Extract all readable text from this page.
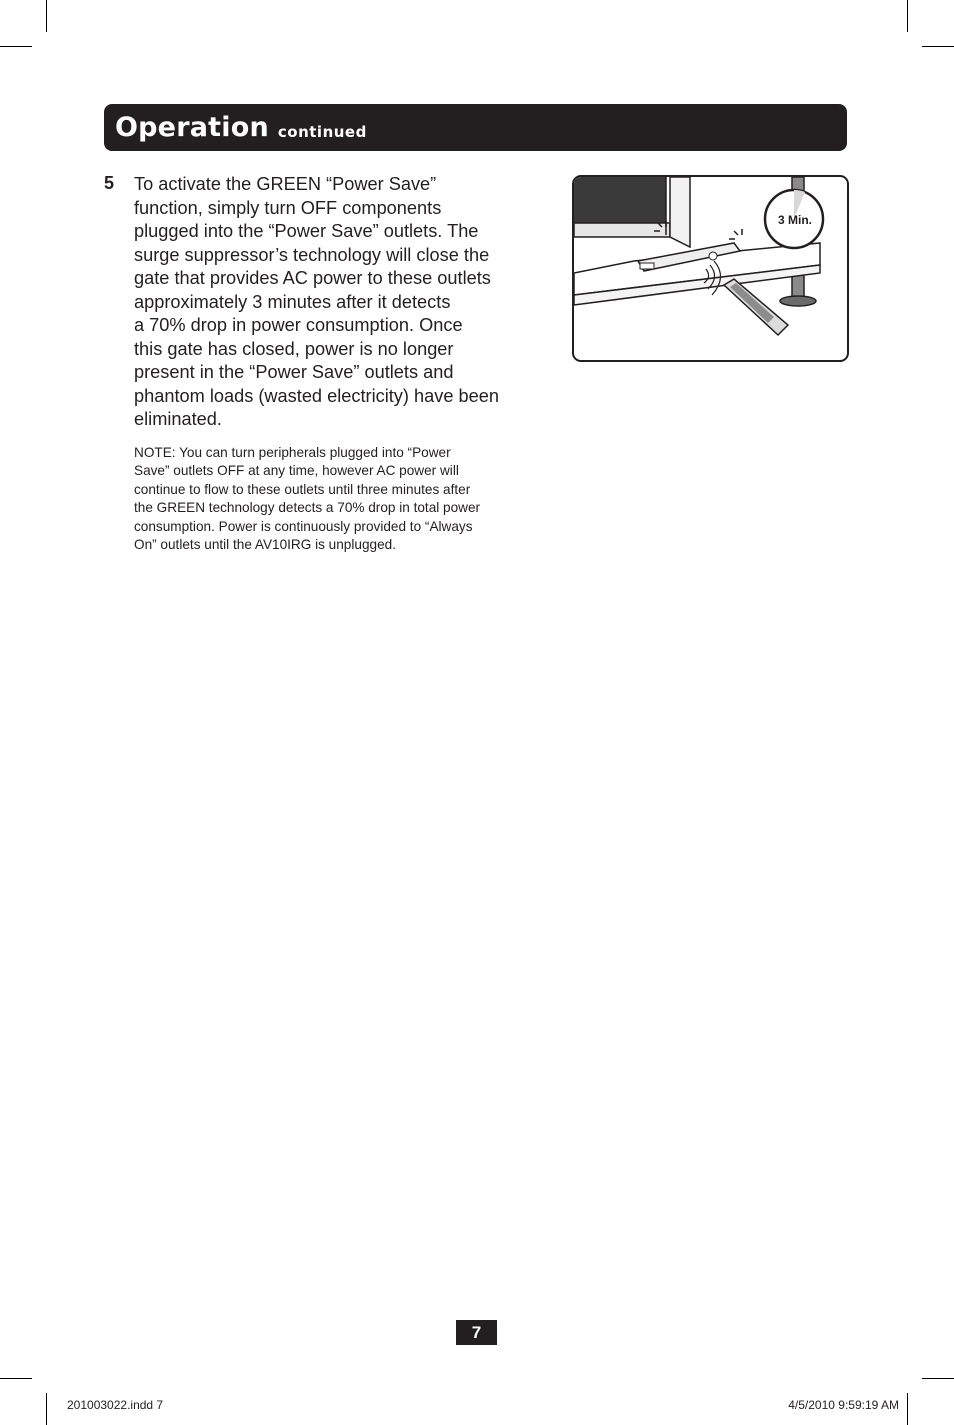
Operation continued
5 To activate the GREEN “Power Save”
function, simply turn OFF components
plugged into the “Power Save” outlets. The
surge suppressor’s technology will close the
gate that provides AC power to these outlets
approximately 3 minutes after it detects
a 70% drop in power consumption. Once
this gate has closed, power is no longer
present in the “Power Save” outlets and
phantom loads (wasted electricity) have been
eliminated.

NOTE: You can turn peripherals plugged into “Power
Save” outlets OFF at any time, however AC power will
continue to flow to these outlets until three minutes after
the GREEN technology detects a 70% drop in total power
consumption. Power is continuously provided to “Always
On” outlets until the AV10IRG is unplugged.

3 Min.
7
201003022.indd 7	4/5/2010 9:59:19 AM
